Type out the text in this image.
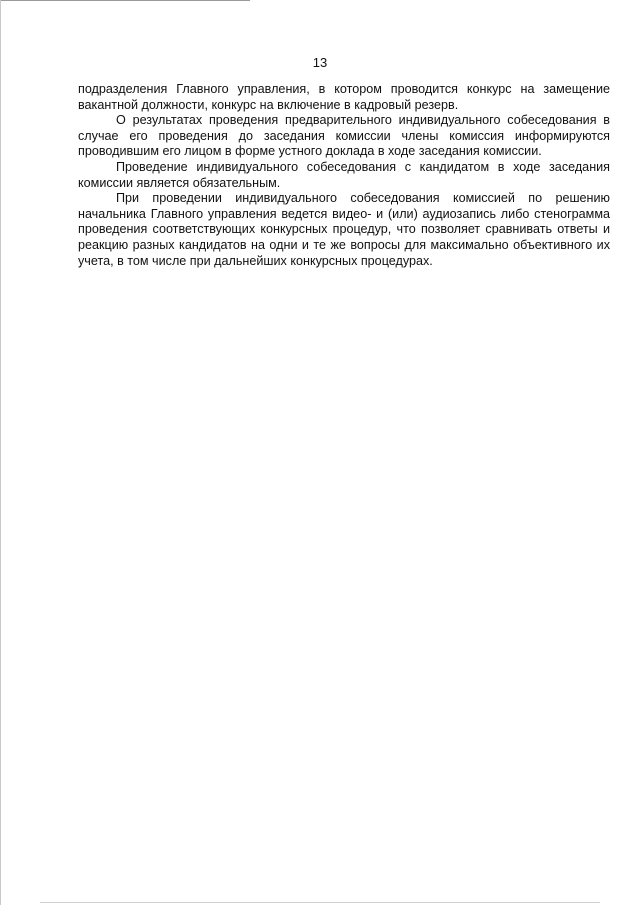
13

подразделения Главного управления, в котором проводится конкурс на замещение вакантной должности, конкурс на включение в кадровый резерв.

О результатах проведения предварительного индивидуального собеседования в случае его проведения до заседания комиссии члены комиссия информируются проводившим его лицом в форме устного доклада в ходе заседания комиссии.

Проведение индивидуального собеседования с кандидатом в ходе заседания комиссии является обязательным.

При проведении индивидуального собеседования комиссией по решению начальника Главного управления ведется видео- и (или) аудиозапись либо стенограмма проведения соответствующих конкурсных процедур, что позволяет сравнивать ответы и реакцию разных кандидатов на одни и те же вопросы для максимально объективного их учета, в том числе при дальнейших конкурсных процедурах.
